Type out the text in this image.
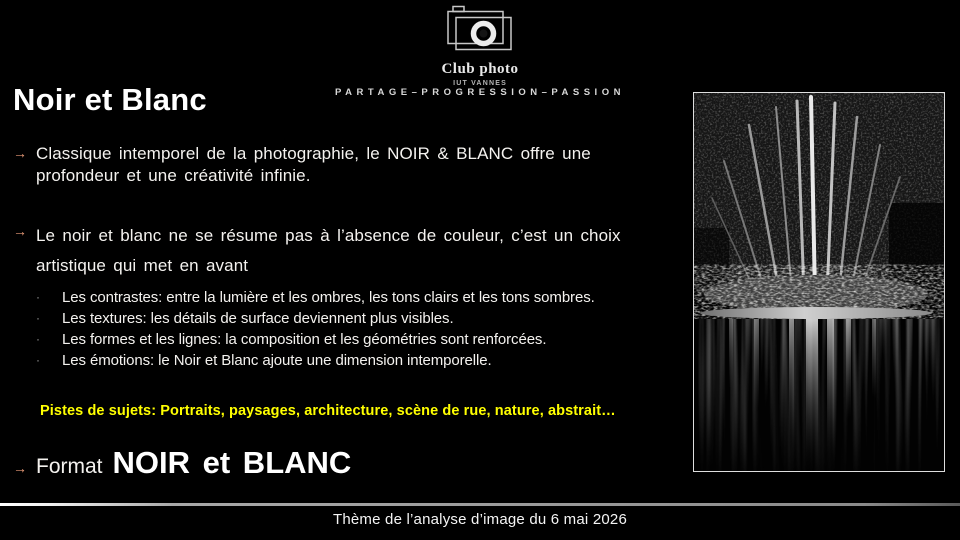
Club photo
IUT VANNES
PARTAGE–PROGRESSION–PASSION
Noir et Blanc
→ Classique intemporel de la photographie, le NOIR & BLANC offre une profondeur et une créativité infinie.
→ Le noir et blanc ne se résume pas à l’absence de couleur, c’est un choix artistique qui met en avant
·	Les contrastes: entre la lumière et les ombres, les tons clairs et les tons sombres.
·	Les textures: les détails de surface deviennent plus visibles.
·	Les formes et les lignes: la composition et les géométries sont renforcées.
·	Les émotions: le Noir et Blanc ajoute une dimension intemporelle.
Pistes de sujets: Portraits, paysages, architecture, scène de rue, nature, abstrait…
→ Format NOIR et BLANC
Thème de l’analyse d’image du 6 mai 2026
